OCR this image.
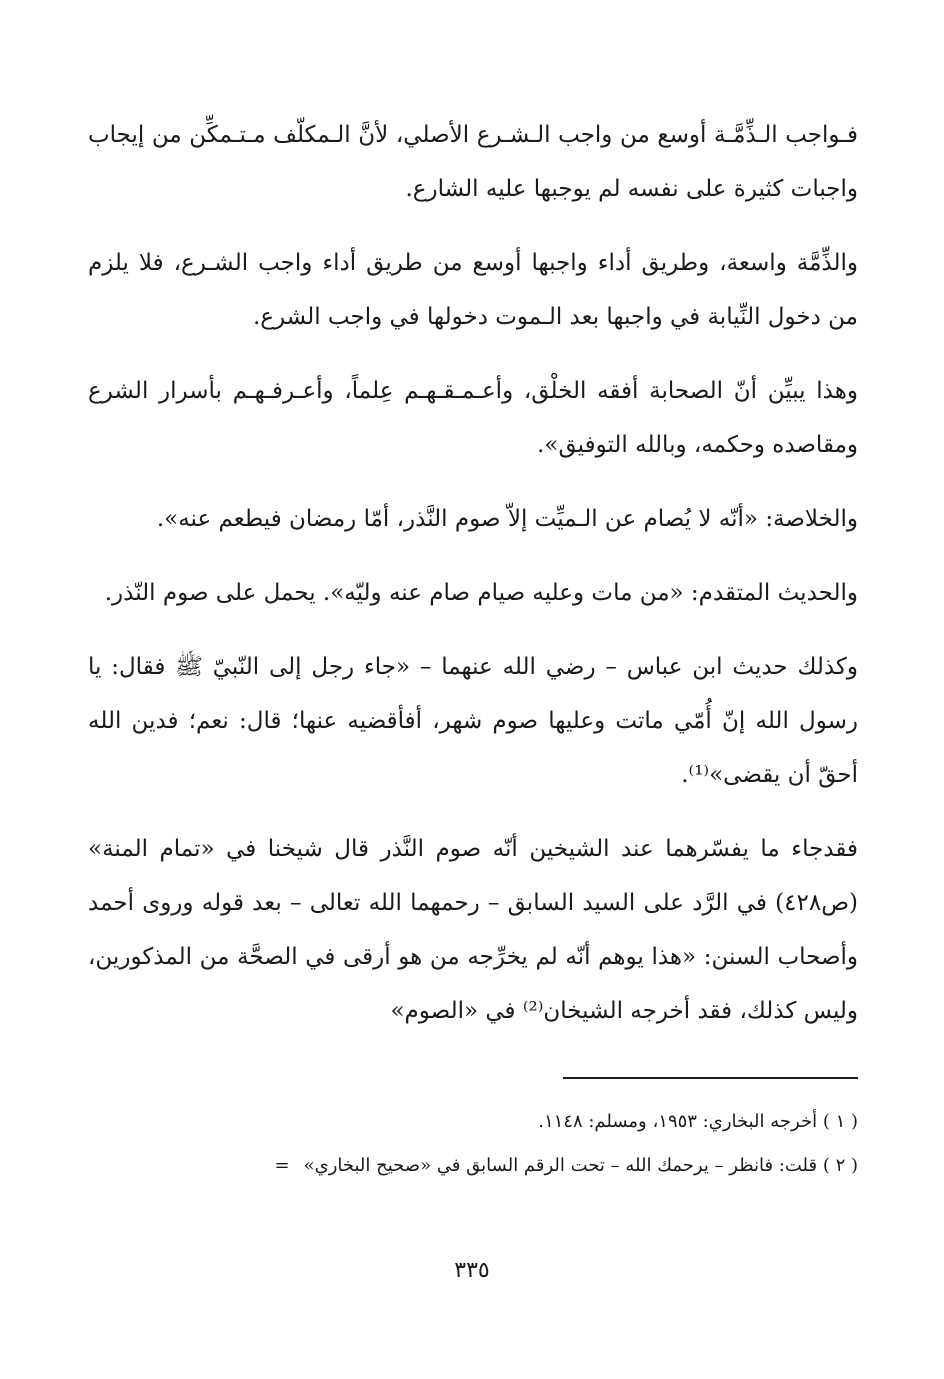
فـواجب الـذِّمَّـة أوسع من واجب الـشـرع الأصلي، لأنَّ الـمكلّف مـتـمكِّن من إيجاب واجبات كثيرة على نفسه لم يوجبها عليه الشارع.

والذِّمَّة واسعة، وطريق أداء واجبها أوسع من طريق أداء واجب الشـرع، فلا يلزم من دخول النِّيابة في واجبها بعد الـموت دخولها في واجب الشرع.

وهذا يبيِّن أنّ الصحابة أفقه الخلْق، وأعـمـقـهـم عِلماً، وأعـرفـهـم بأسرار الشرع ومقاصده وحكمه، وبالله التوفيق».

والخلاصة: «أنّه لا يُصام عن الـميِّت إلاّ صوم النَّذر، أمّا رمضان فيطعم عنه».

والحديث المتقدم: «من مات وعليه صيام صام عنه وليّه». يحمل على صوم النّذر.

وكذلك حديث ابن عباس – رضي الله عنهما – «جاء رجل إلى النّبيّ ﷺ فقال: يا رسول الله إنّ أُمّي ماتت وعليها صوم شهر، أفأقضيه عنها؛ قال: نعم؛ فدين الله أحقّ أن يقضى»⁽¹⁾.

فقدجاء ما يفسّرهما عند الشيخين أنّه صوم النَّذر قال شيخنا في «تمام المنة» (ص٤٢٨) في الرَّد على السيد السابق – رحمهما الله تعالى – بعد قوله وروى أحمد وأصحاب السنن: «هذا يوهم أنّه لم يخرِّجه من هو أرقى في الصحَّة من المذكورين، وليس كذلك، فقد أخرجه الشيخان⁽²⁾ في «الصوم»

( ١ ) أخرجه البخاري: ١٩٥٣، ومسلم: ١١٤٨.

( ٢ ) قلت: فانظر – يرحمك الله – تحت الرقم السابق في «صحيح البخاري»=

٣٣٥
